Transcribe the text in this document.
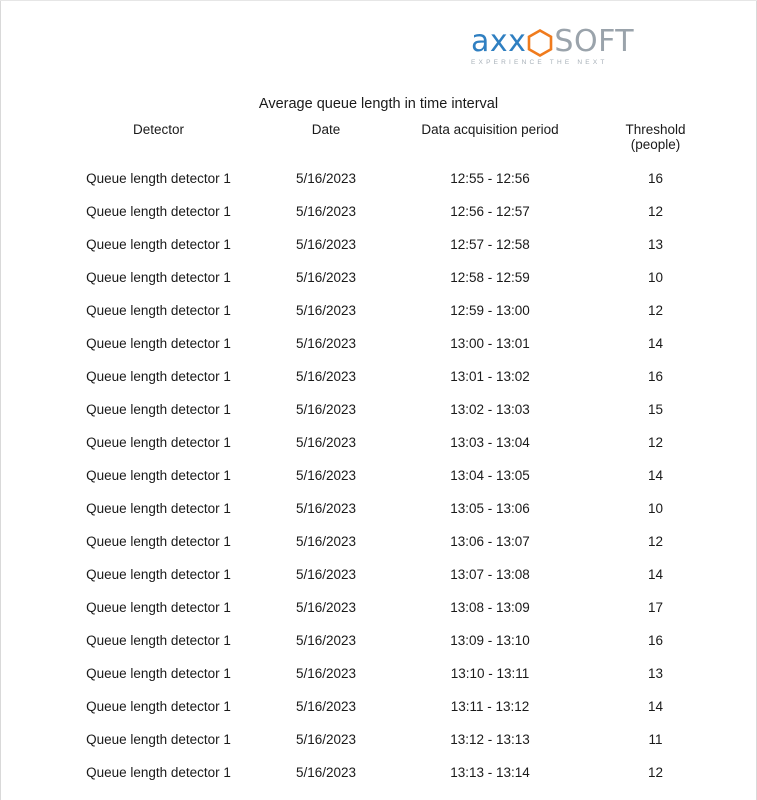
axx SOFT
EXPERIENCE THE NEXT
Average queue length in time interval
Detector	Date	Data acquisition period	Threshold
(people)

Queue length detector 1	5/16/2023	12:55 - 12:56	16
Queue length detector 1	5/16/2023	12:56 - 12:57	12
Queue length detector 1	5/16/2023	12:57 - 12:58	13
Queue length detector 1	5/16/2023	12:58 - 12:59	10
Queue length detector 1	5/16/2023	12:59 - 13:00	12
Queue length detector 1	5/16/2023	13:00 - 13:01	14
Queue length detector 1	5/16/2023	13:01 - 13:02	16
Queue length detector 1	5/16/2023	13:02 - 13:03	15
Queue length detector 1	5/16/2023	13:03 - 13:04	12
Queue length detector 1	5/16/2023	13:04 - 13:05	14
Queue length detector 1	5/16/2023	13:05 - 13:06	10
Queue length detector 1	5/16/2023	13:06 - 13:07	12
Queue length detector 1	5/16/2023	13:07 - 13:08	14
Queue length detector 1	5/16/2023	13:08 - 13:09	17
Queue length detector 1	5/16/2023	13:09 - 13:10	16
Queue length detector 1	5/16/2023	13:10 - 13:11	13
Queue length detector 1	5/16/2023	13:11 - 13:12	14
Queue length detector 1	5/16/2023	13:12 - 13:13	11
Queue length detector 1	5/16/2023	13:13 - 13:14	12
